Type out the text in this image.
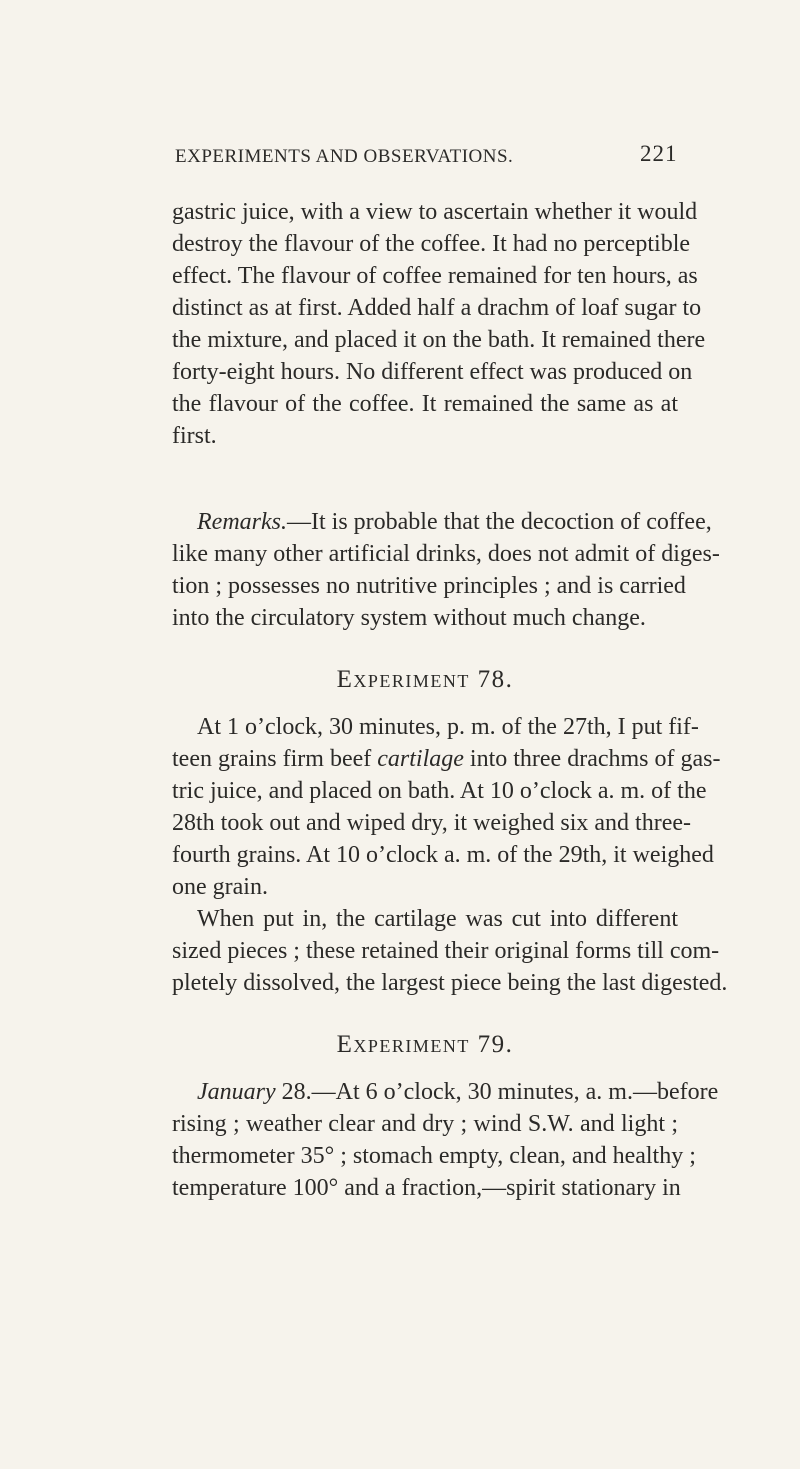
EXPERIMENTS AND OBSERVATIONS.	221
gastric juice, with a view to ascertain whether it would
destroy the flavour of the coffee. It had no perceptible
effect. The flavour of coffee remained for ten hours, as
distinct as at first. Added half a drachm of loaf sugar to
the mixture, and placed it on the bath. It remained there
forty-eight hours. No different effect was produced on
the flavour of the coffee. It remained the same as at
first.
Remarks.—It is probable that the decoction of coffee,
like many other artificial drinks, does not admit of diges-
tion ; possesses no nutritive principles ; and is carried
into the circulatory system without much change.
Experiment 78.
At 1 o’clock, 30 minutes, p. m. of the 27th, I put fif-
teen grains firm beef cartilage into three drachms of gas-
tric juice, and placed on bath. At 10 o’clock a. m. of the
28th took out and wiped dry, it weighed six and three-
fourth grains. At 10 o’clock a. m. of the 29th, it weighed
one grain.
When put in, the cartilage was cut into different
sized pieces ; these retained their original forms till com-
pletely dissolved, the largest piece being the last digested.
Experiment 79.
January 28.—At 6 o’clock, 30 minutes, a. m.—before
rising ; weather clear and dry ; wind S.W. and light ;
thermometer 35° ; stomach empty, clean, and healthy ;
temperature 100° and a fraction,—spirit stationary in
